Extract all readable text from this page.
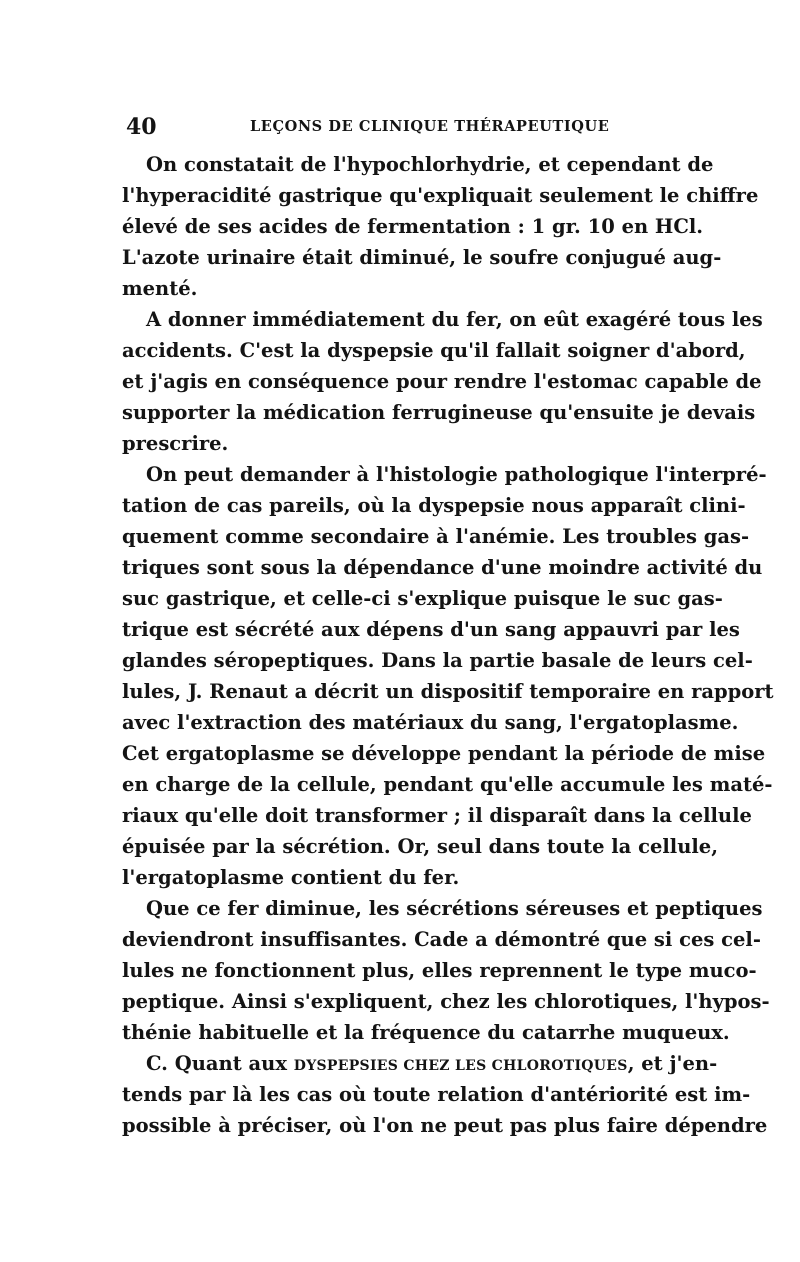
40	LEÇONS DE CLINIQUE THÉRAPEUTIQUE
On constatait de l'hypochlorhydrie, et cependant de
l'hyperacidité gastrique qu'expliquait seulement le chiffre
élevé de ses acides de fermentation : 1 gr. 10 en HCl.
L'azote urinaire était diminué, le soufre conjugué aug-
menté.
A donner immédiatement du fer, on eût exagéré tous les
accidents. C'est la dyspepsie qu'il fallait soigner d'abord,
et j'agis en conséquence pour rendre l'estomac capable de
supporter la médication ferrugineuse qu'ensuite je devais
prescrire.
On peut demander à l'histologie pathologique l'interpré-
tation de cas pareils, où la dyspepsie nous apparaît clini-
quement comme secondaire à l'anémie. Les troubles gas-
triques sont sous la dépendance d'une moindre activité du
suc gastrique, et celle-ci s'explique puisque le suc gas-
trique est sécrété aux dépens d'un sang appauvri par les
glandes séropeptiques. Dans la partie basale de leurs cel-
lules, J. Renaut a décrit un dispositif temporaire en rapport
avec l'extraction des matériaux du sang, l'ergatoplasme.
Cet ergatoplasme se développe pendant la période de mise
en charge de la cellule, pendant qu'elle accumule les maté-
riaux qu'elle doit transformer ; il disparaît dans la cellule
épuisée par la sécrétion. Or, seul dans toute la cellule,
l'ergatoplasme contient du fer.
Que ce fer diminue, les sécrétions séreuses et peptiques
deviendront insuffisantes. Cade a démontré que si ces cel-
lules ne fonctionnent plus, elles reprennent le type muco-
peptique. Ainsi s'expliquent, chez les chlorotiques, l'hypos-
thénie habituelle et la fréquence du catarrhe muqueux.
C. Quant aux DYSPEPSIES CHEZ LES CHLOROTIQUES, et j'en-
tends par là les cas où toute relation d'antériorité est im-
possible à préciser, où l'on ne peut pas plus faire dépendre
